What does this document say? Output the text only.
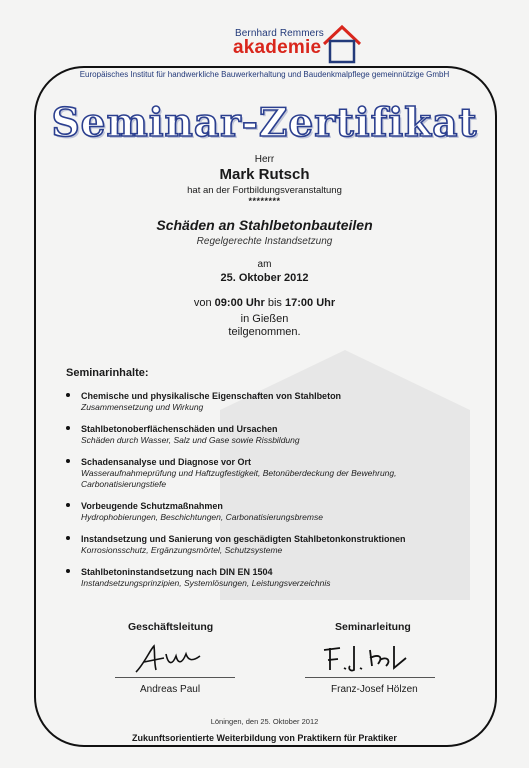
Bernhard Remmers
akademie
Europäisches Institut für handwerkliche Bauwerkerhaltung und Baudenkmalpflege gemeinnützige GmbH
Seminar-Zertifikat
Herr
Mark Rutsch
hat an der Fortbildungsveranstaltung
********
Schäden an Stahlbetonbauteilen
Regelgerechte Instandsetzung
am
25. Oktober 2012
von 09:00 Uhr bis 17:00 Uhr
in Gießen
teilgenommen.
Seminarinhalte:
Chemische und physikalische Eigenschaften von Stahlbeton
Zusammensetzung und Wirkung
Stahlbetonoberflächenschäden und Ursachen
Schäden durch Wasser, Salz und Gase sowie Rissbildung
Schadensanalyse und Diagnose vor Ort
Wasseraufnahmeprüfung und Haftzugfestigkeit, Betonüberdeckung der Bewehrung,
Carbonatisierungstiefe
Vorbeugende Schutzmaßnahmen
Hydrophobierungen, Beschichtungen, Carbonatisierungsbremse
Instandsetzung und Sanierung von geschädigten Stahlbetonkonstruktionen
Korrosionsschutz, Ergänzungsmörtel, Schutzsysteme
Stahlbetoninstandsetzung nach DIN EN 1504
Instandsetzungsprinzipien, Systemlösungen, Leistungsverzeichnis
Geschäftsleitung	Seminarleitung
Andreas Paul	Franz-Josef Hölzen
Löningen, den 25. Oktober 2012
Zukunftsorientierte Weiterbildung von Praktikern für Praktiker
